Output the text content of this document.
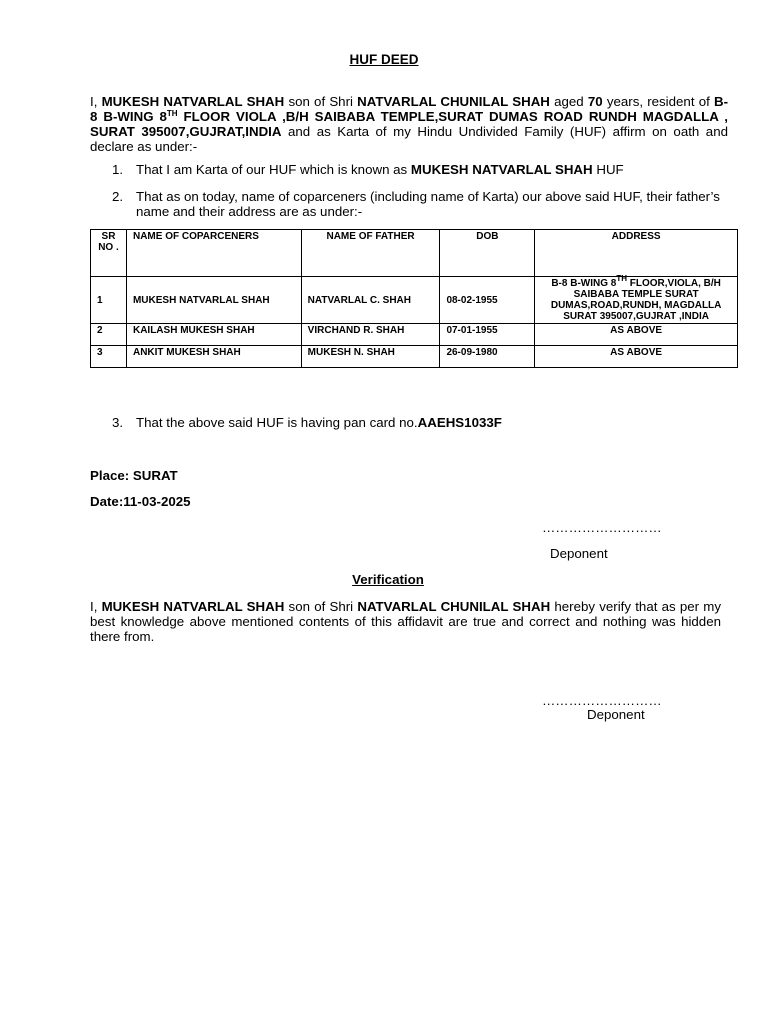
HUF DEED
I, MUKESH NATVARLAL SHAH son of Shri NATVARLAL CHUNILAL SHAH aged 70 years, resident of B-8 B-WING 8TH FLOOR VIOLA ,B/H SAIBABA TEMPLE,SURAT DUMAS ROAD RUNDH MAGDALLA , SURAT 395007,GUJRAT,INDIA and as Karta of my Hindu Undivided Family (HUF) affirm on oath and declare as under:-
1. That I am Karta of our HUF which is known as MUKESH NATVARLAL SHAH HUF
2. That as on today, name of coparceners (including name of Karta) our above said HUF, their father’s name and their address are as under:-
SR NO .	NAME OF COPARCENERS	NAME OF FATHER	DOB	ADDRESS
1	MUKESH NATVARLAL SHAH	NATVARLAL C. SHAH	08-02-1955	B-8 B-WING 8TH FLOOR,VIOLA, B/H SAIBABA TEMPLE SURAT DUMAS,ROAD,RUNDH, MAGDALLA SURAT 395007,GUJRAT ,INDIA
2	KAILASH MUKESH SHAH	VIRCHAND R. SHAH	07-01-1955	AS ABOVE
3	ANKIT MUKESH SHAH	MUKESH N. SHAH	26-09-1980	AS ABOVE
3. That the above said HUF is having pan card no.AAEHS1033F
Place: SURAT
Date:11-03-2025
………………………
Deponent
Verification
I, MUKESH NATVARLAL SHAH son of Shri NATVARLAL CHUNILAL SHAH hereby verify that as per my best knowledge above mentioned contents of this affidavit are true and correct and nothing was hidden there from.
………………………
Deponent
